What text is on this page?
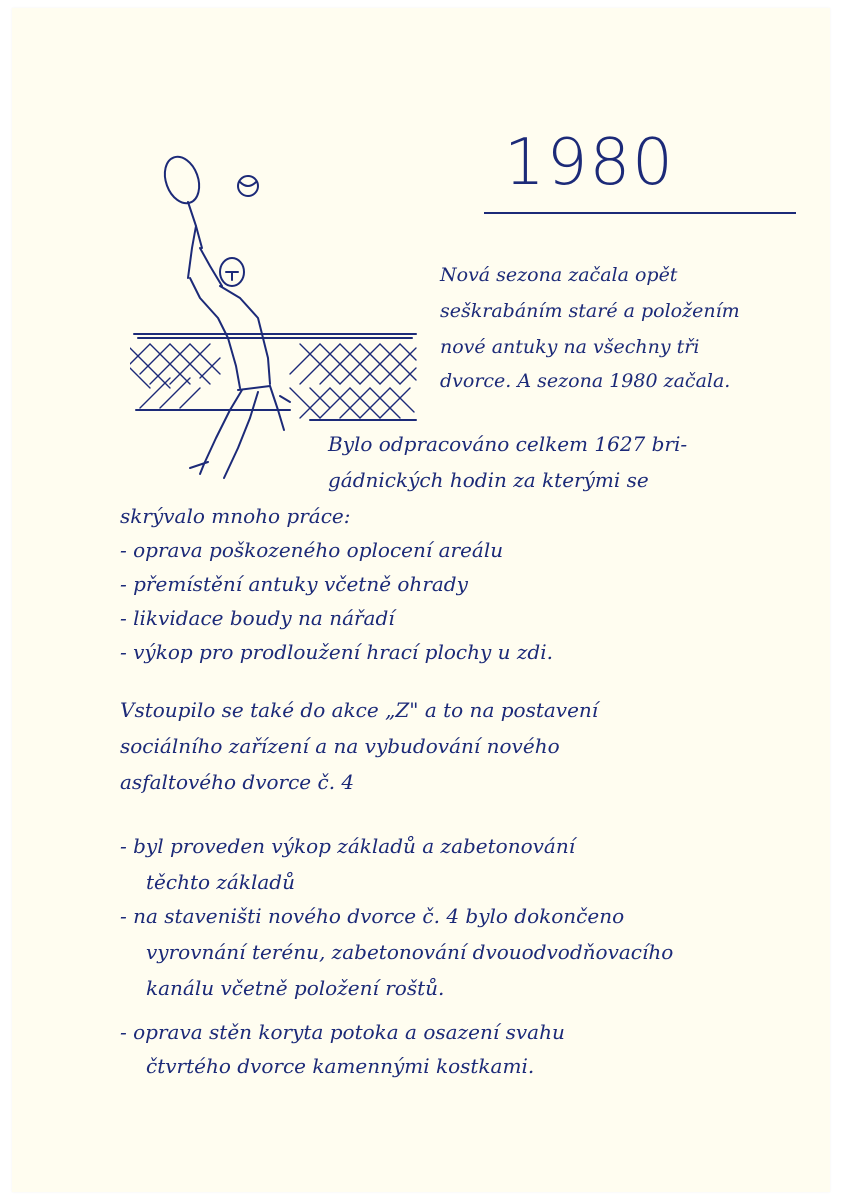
1980
Nová sezona začala opět
seškrabáním staré a položením
nové antuky na všechny tři
dvorce. A sezona 1980 začala.
Bylo odpracováno celkem 1627 bri-
gádnických hodin za kterými se
skrývalo mnoho práce:
- oprava poškozeného oplocení areálu
- přemístění antuky včetně ohrady
- likvidace boudy na nářadí
- výkop pro prodloužení hrací plochy u zdi.
Vstoupilo se také do akce „Z" a to na postavení
sociálního zařízení a na vybudování nového
asfaltového dvorce č. 4
- byl proveden výkop základů a zabetonování
těchto základů
- na staveništi nového dvorce č. 4 bylo dokončeno
vyrovnání terénu, zabetonování dvouodvodňovacího
kanálu včetně položení roštů.
- oprava stěn koryta potoka a osazení svahu
čtvrtého dvorce kamennými kostkami.
